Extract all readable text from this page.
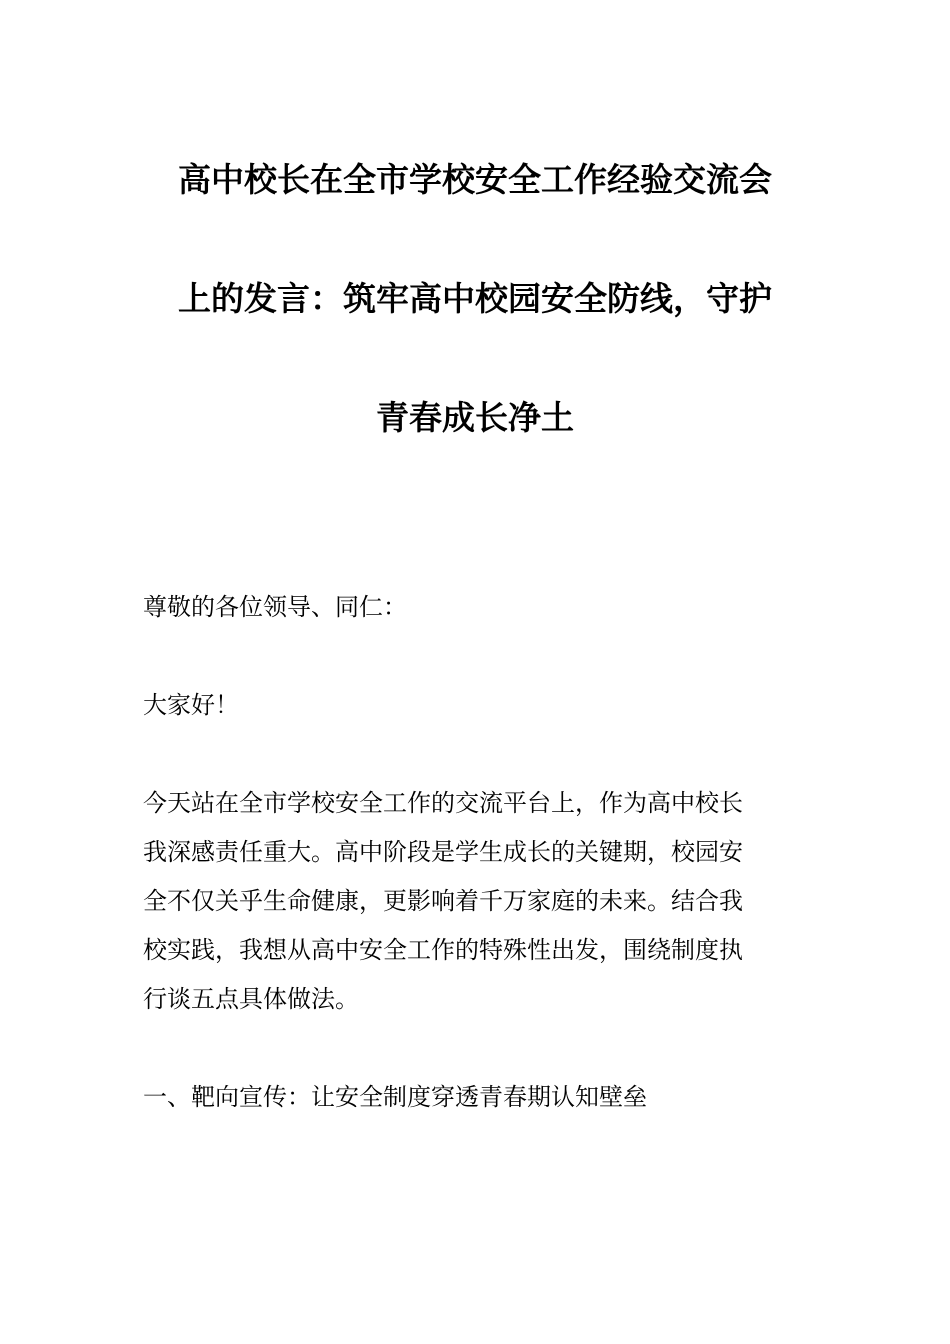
高中校长在全市学校安全工作经验交流会
上的发言：筑牢高中校园安全防线，守护
青春成长净土

尊敬的各位领导、同仁：

大家好！

今天站在全市学校安全工作的交流平台上，作为高中校长
我深感责任重大。高中阶段是学生成长的关键期，校园安
全不仅关乎生命健康，更影响着千万家庭的未来。结合我
校实践，我想从高中安全工作的特殊性出发，围绕制度执
行谈五点具体做法。

一、靶向宣传：让安全制度穿透青春期认知壁垒
